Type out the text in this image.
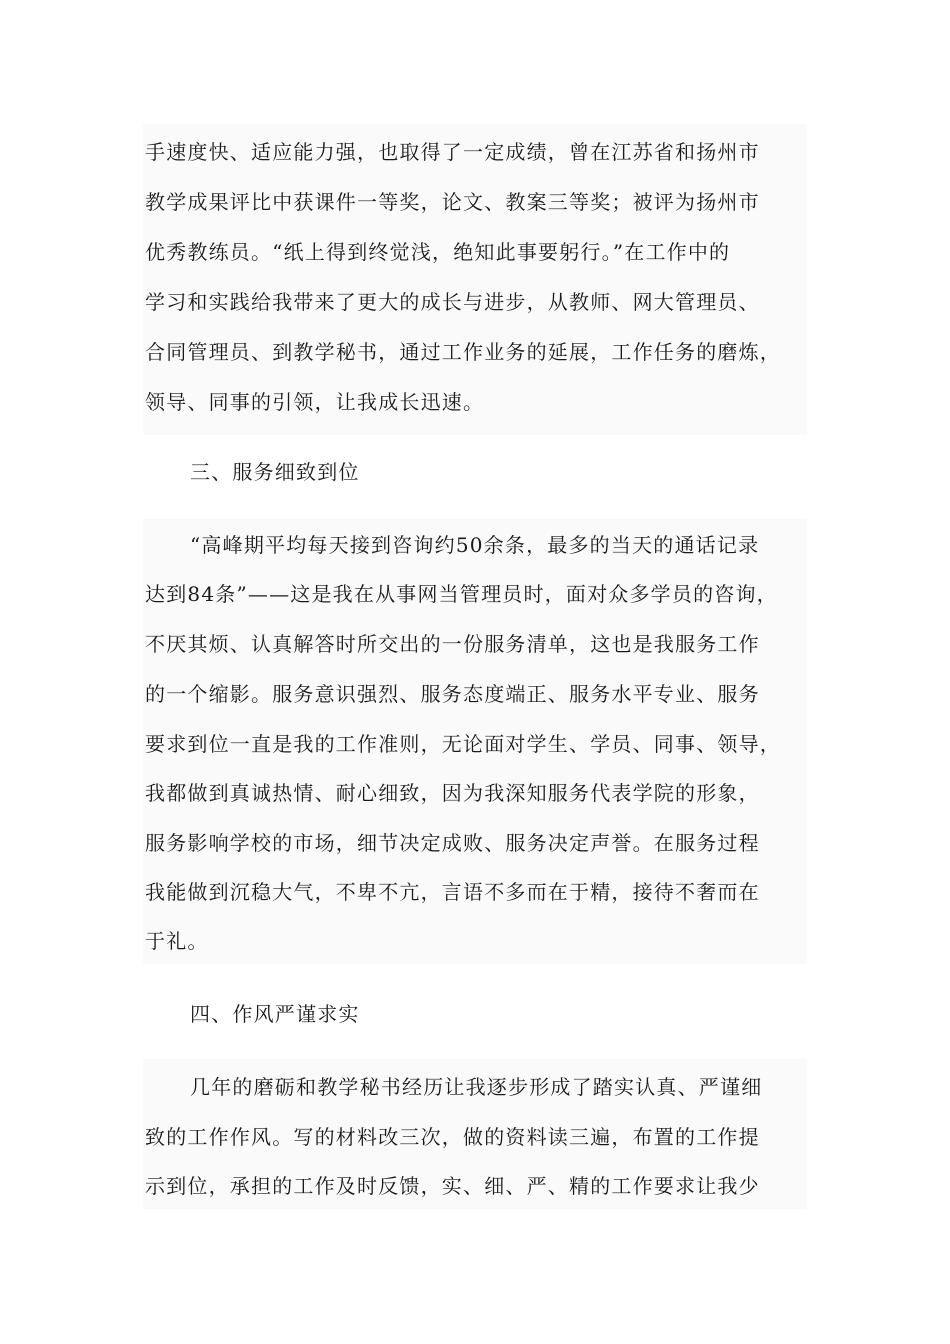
手速度快、适应能力强，也取得了一定成绩，曾在江苏省和扬州市
教学成果评比中获课件一等奖，论文、教案三等奖；被评为扬州市
优秀教练员。“纸上得到终觉浅，绝知此事要躬行。”在工作中的
学习和实践给我带来了更大的成长与进步，从教师、网大管理员、
合同管理员、到教学秘书，通过工作业务的延展，工作任务的磨炼，
领导、同事的引领，让我成长迅速。
三、服务细致到位
“高峰期平均每天接到咨询约50余条，最多的当天的通话记录
达到84条”——这是我在从事网当管理员时，面对众多学员的咨询，
不厌其烦、认真解答时所交出的一份服务清单，这也是我服务工作
的一个缩影。服务意识强烈、服务态度端正、服务水平专业、服务
要求到位一直是我的工作准则，无论面对学生、学员、同事、领导，
我都做到真诚热情、耐心细致，因为我深知服务代表学院的形象，
服务影响学校的市场，细节决定成败、服务决定声誉。在服务过程
我能做到沉稳大气，不卑不亢，言语不多而在于精，接待不奢而在
于礼。
四、作风严谨求实
几年的磨砺和教学秘书经历让我逐步形成了踏实认真、严谨细
致的工作作风。写的材料改三次，做的资料读三遍，布置的工作提
示到位，承担的工作及时反馈，实、细、严、精的工作要求让我少
